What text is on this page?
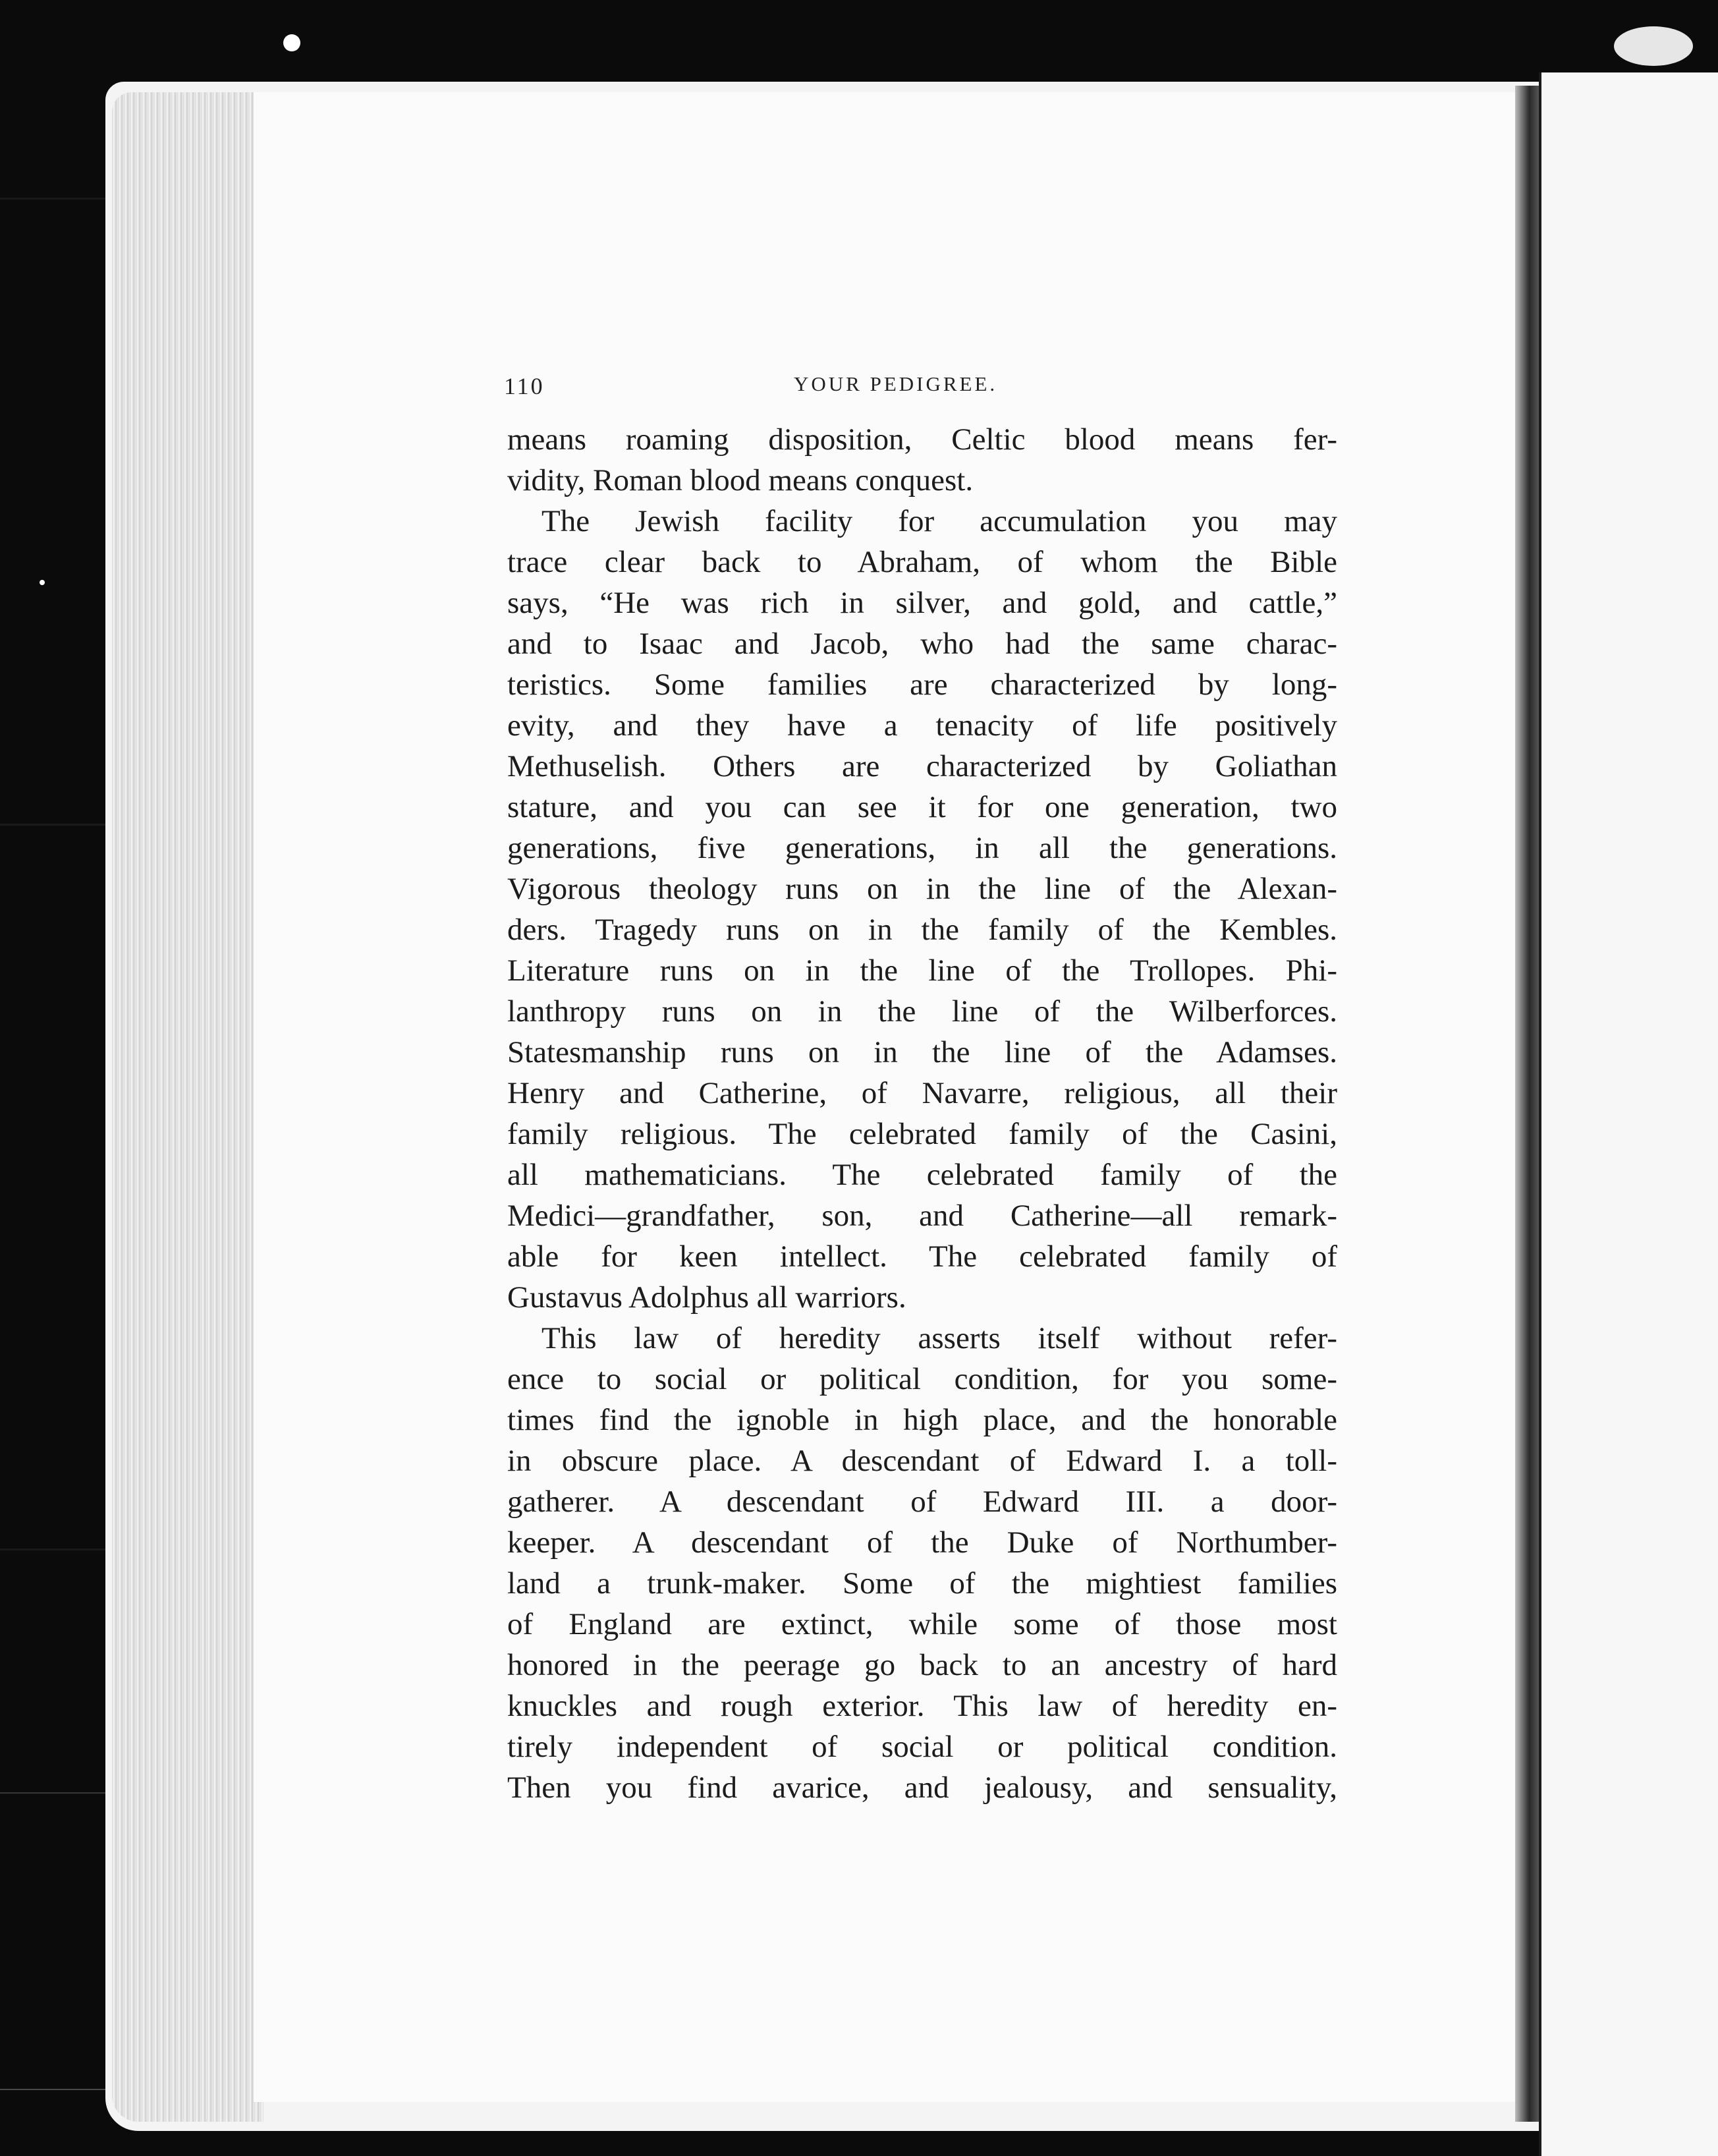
110	YOUR PEDIGREE.
means roaming disposition, Celtic blood means fer-
vidity, Roman blood means conquest.
The Jewish facility for accumulation you may
trace clear back to Abraham, of whom the Bible
says, “He was rich in silver, and gold, and cattle,”
and to Isaac and Jacob, who had the same charac-
teristics. Some families are characterized by long-
evity, and they have a tenacity of life positively
Methuselish. Others are characterized by Goliathan
stature, and you can see it for one generation, two
generations, five generations, in all the generations.
Vigorous theology runs on in the line of the Alexan-
ders. Tragedy runs on in the family of the Kembles.
Literature runs on in the line of the Trollopes. Phi-
lanthropy runs on in the line of the Wilberforces.
Statesmanship runs on in the line of the Adamses.
Henry and Catherine, of Navarre, religious, all their
family religious. The celebrated family of the Casini,
all mathematicians. The celebrated family of the
Medici—grandfather, son, and Catherine—all remark-
able for keen intellect. The celebrated family of
Gustavus Adolphus all warriors.
This law of heredity asserts itself without refer-
ence to social or political condition, for you some-
times find the ignoble in high place, and the honorable
in obscure place. A descendant of Edward I. a toll-
gatherer. A descendant of Edward III. a door-
keeper. A descendant of the Duke of Northumber-
land a trunk-maker. Some of the mightiest families
of England are extinct, while some of those most
honored in the peerage go back to an ancestry of hard
knuckles and rough exterior. This law of heredity en-
tirely independent of social or political condition.
Then you find avarice, and jealousy, and sensuality,
